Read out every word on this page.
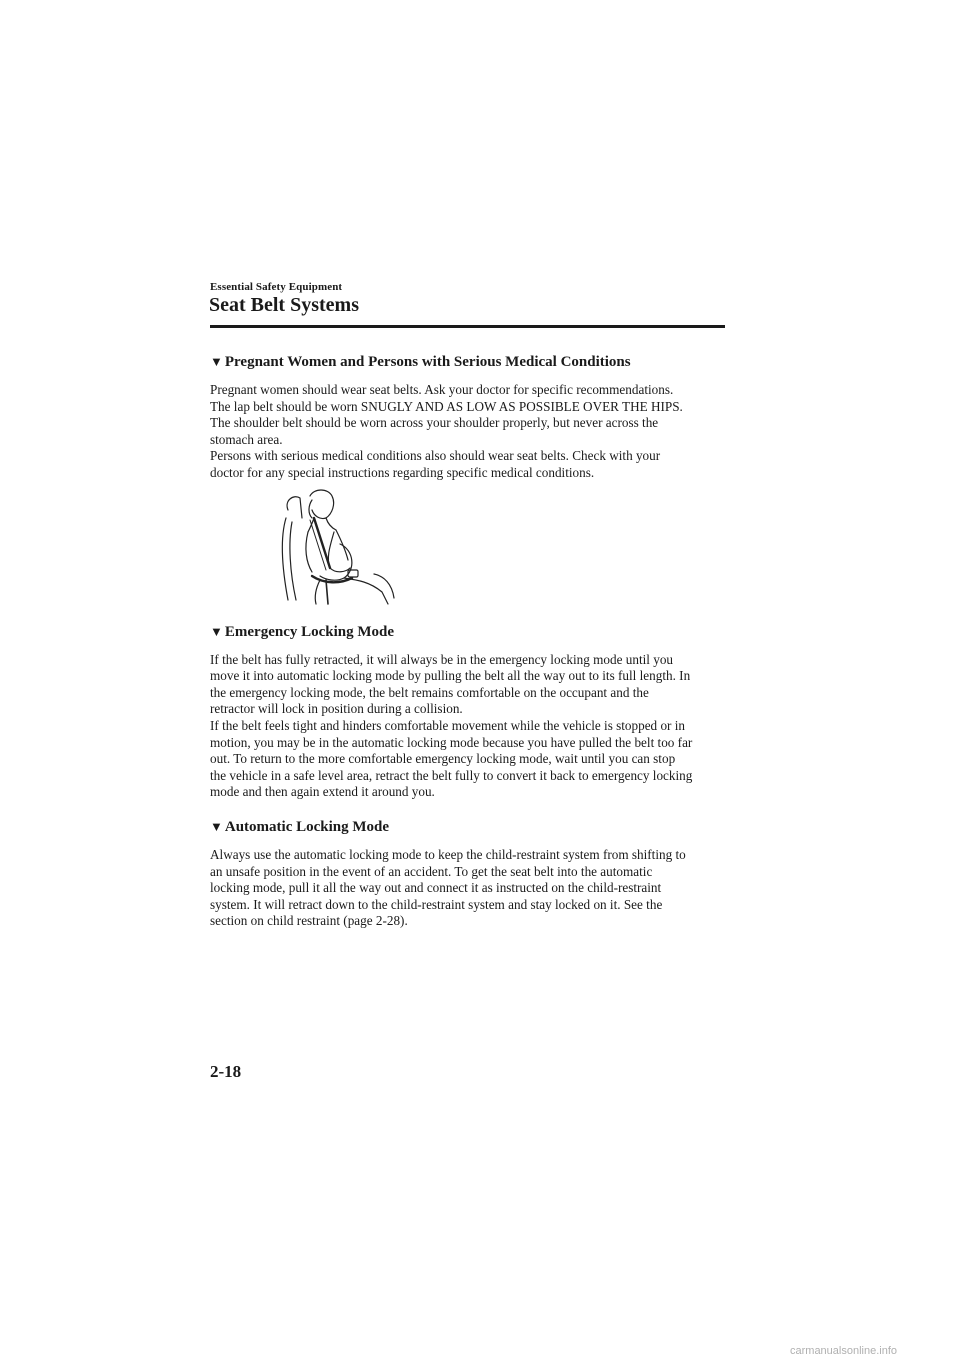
Essential Safety Equipment
Seat Belt Systems
▼ Pregnant Women and Persons with Serious Medical Conditions

Pregnant women should wear seat belts. Ask your doctor for specific recommendations.

The lap belt should be worn SNUGLY AND AS LOW AS POSSIBLE OVER THE HIPS.

The shoulder belt should be worn across your shoulder properly, but never across the

stomach area.

Persons with serious medical conditions also should wear seat belts. Check with your

doctor for any special instructions regarding specific medical conditions.

▼ Emergency Locking Mode

If the belt has fully retracted, it will always be in the emergency locking mode until you

move it into automatic locking mode by pulling the belt all the way out to its full length. In

the emergency locking mode, the belt remains comfortable on the occupant and the

retractor will lock in position during a collision.

If the belt feels tight and hinders comfortable movement while the vehicle is stopped or in

motion, you may be in the automatic locking mode because you have pulled the belt too far

out. To return to the more comfortable emergency locking mode, wait until you can stop

the vehicle in a safe level area, retract the belt fully to convert it back to emergency locking

mode and then again extend it around you.

▼ Automatic Locking Mode

Always use the automatic locking mode to keep the child-restraint system from shifting to

an unsafe position in the event of an accident. To get the seat belt into the automatic

locking mode, pull it all the way out and connect it as instructed on the child-restraint

system. It will retract down to the child-restraint system and stay locked on it. See the

section on child restraint (page 2-28).

2-18
carmanualsonline.info
